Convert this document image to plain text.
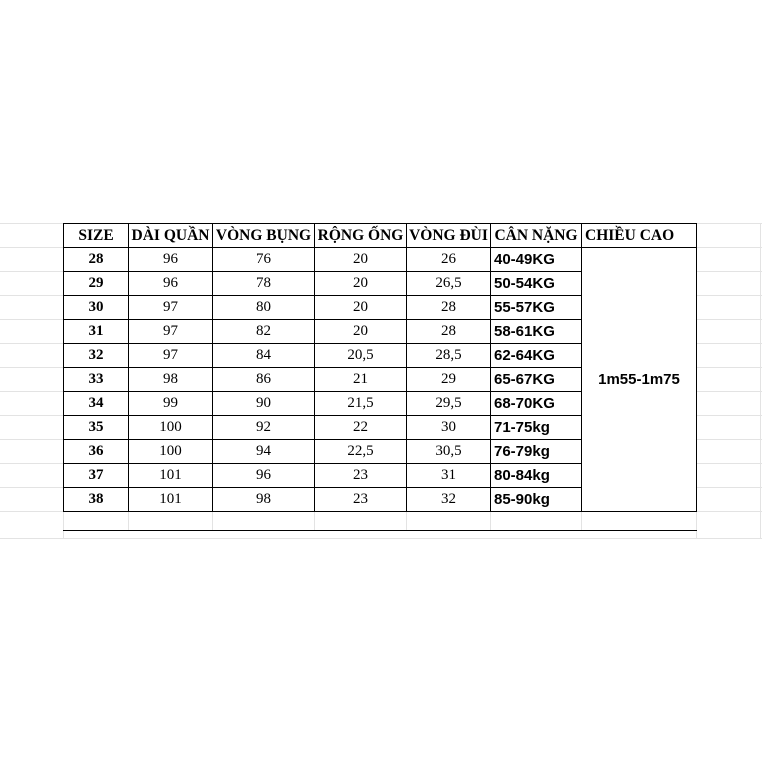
SIZE	DÀI QUẦN	VÒNG BỤNG	RỘNG ỐNG	VÒNG ĐÙI	CÂN NẶNG	CHIỀU CAO
28	96	76	20	26	40-49KG	1m55-1m75
29	96	78	20	26,5	50-54KG	
30	97	80	20	28	55-57KG	
31	97	82	20	28	58-61KG	
32	97	84	20,5	28,5	62-64KG	
33	98	86	21	29	65-67KG	
34	99	90	21,5	29,5	68-70KG	
35	100	92	22	30	71-75kg	
36	100	94	22,5	30,5	76-79kg	
37	101	96	23	31	80-84kg	
38	101	98	23	32	85-90kg	
